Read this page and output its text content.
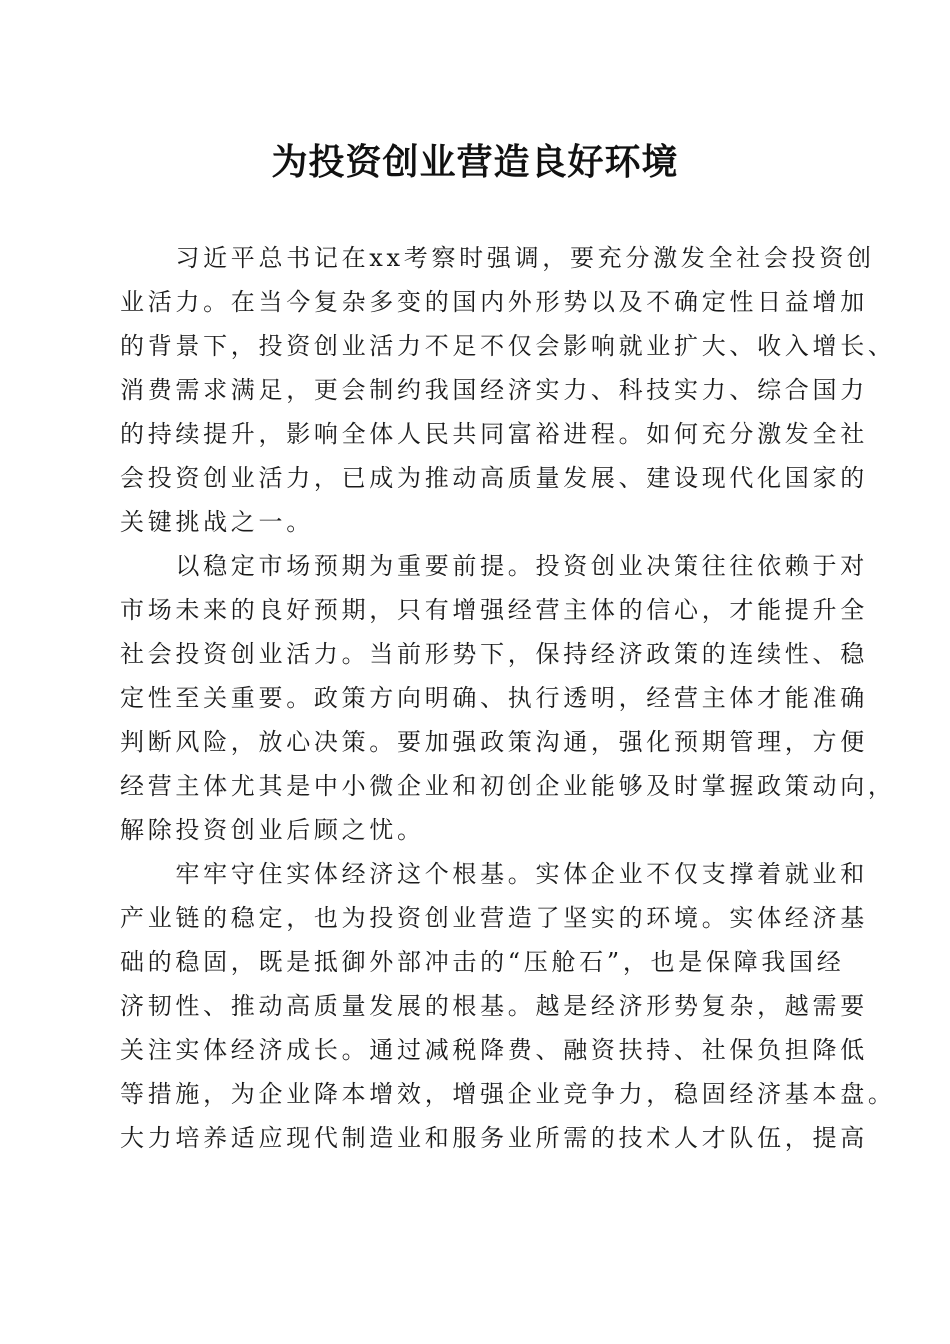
为投资创业营造良好环境
　　习近平总书记在xx考察时强调，要充分激发全社会投资创
业活力。在当今复杂多变的国内外形势以及不确定性日益增加
的背景下，投资创业活力不足不仅会影响就业扩大、收入增长、
消费需求满足，更会制约我国经济实力、科技实力、综合国力
的持续提升，影响全体人民共同富裕进程。如何充分激发全社
会投资创业活力，已成为推动高质量发展、建设现代化国家的
关键挑战之一。
　　以稳定市场预期为重要前提。投资创业决策往往依赖于对
市场未来的良好预期，只有增强经营主体的信心，才能提升全
社会投资创业活力。当前形势下，保持经济政策的连续性、稳
定性至关重要。政策方向明确、执行透明，经营主体才能准确
判断风险，放心决策。要加强政策沟通，强化预期管理，方便
经营主体尤其是中小微企业和初创企业能够及时掌握政策动向，
解除投资创业后顾之忧。
　　牢牢守住实体经济这个根基。实体企业不仅支撑着就业和
产业链的稳定，也为投资创业营造了坚实的环境。实体经济基
础的稳固，既是抵御外部冲击的“压舱石”，也是保障我国经
济韧性、推动高质量发展的根基。越是经济形势复杂，越需要
关注实体经济成长。通过减税降费、融资扶持、社保负担降低
等措施，为企业降本增效，增强企业竞争力，稳固经济基本盘。
大力培养适应现代制造业和服务业所需的技术人才队伍，提高
